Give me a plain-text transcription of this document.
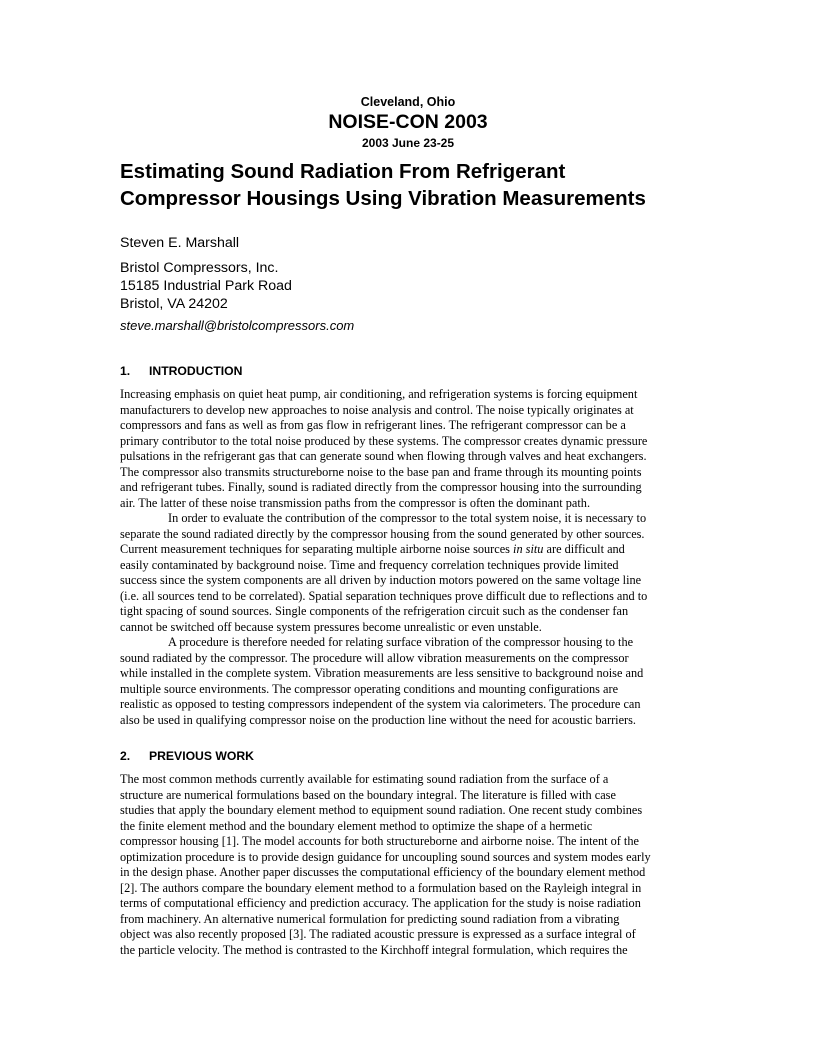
Cleveland, Ohio
NOISE-CON 2003
2003 June 23-25
Estimating Sound Radiation From Refrigerant
Compressor Housings Using Vibration Measurements
Steven E. Marshall
Bristol Compressors, Inc.
15185 Industrial Park Road
Bristol, VA 24202
steve.marshall@bristolcompressors.com
1. INTRODUCTION
Increasing emphasis on quiet heat pump, air conditioning, and refrigeration systems is forcing equipment
manufacturers to develop new approaches to noise analysis and control. The noise typically originates at
compressors and fans as well as from gas flow in refrigerant lines. The refrigerant compressor can be a
primary contributor to the total noise produced by these systems. The compressor creates dynamic pressure
pulsations in the refrigerant gas that can generate sound when flowing through valves and heat exchangers.
The compressor also transmits structureborne noise to the base pan and frame through its mounting points
and refrigerant tubes. Finally, sound is radiated directly from the compressor housing into the surrounding
air. The latter of these noise transmission paths from the compressor is often the dominant path.
In order to evaluate the contribution of the compressor to the total system noise, it is necessary to
separate the sound radiated directly by the compressor housing from the sound generated by other sources.
Current measurement techniques for separating multiple airborne noise sources in situ are difficult and
easily contaminated by background noise. Time and frequency correlation techniques provide limited
success since the system components are all driven by induction motors powered on the same voltage line
(i.e. all sources tend to be correlated). Spatial separation techniques prove difficult due to reflections and to
tight spacing of sound sources. Single components of the refrigeration circuit such as the condenser fan
cannot be switched off because system pressures become unrealistic or even unstable.
A procedure is therefore needed for relating surface vibration of the compressor housing to the
sound radiated by the compressor. The procedure will allow vibration measurements on the compressor
while installed in the complete system. Vibration measurements are less sensitive to background noise and
multiple source environments. The compressor operating conditions and mounting configurations are
realistic as opposed to testing compressors independent of the system via calorimeters. The procedure can
also be used in qualifying compressor noise on the production line without the need for acoustic barriers.
2. PREVIOUS WORK
The most common methods currently available for estimating sound radiation from the surface of a
structure are numerical formulations based on the boundary integral. The literature is filled with case
studies that apply the boundary element method to equipment sound radiation. One recent study combines
the finite element method and the boundary element method to optimize the shape of a hermetic
compressor housing [1]. The model accounts for both structureborne and airborne noise. The intent of the
optimization procedure is to provide design guidance for uncoupling sound sources and system modes early
in the design phase. Another paper discusses the computational efficiency of the boundary element method
[2]. The authors compare the boundary element method to a formulation based on the Rayleigh integral in
terms of computational efficiency and prediction accuracy. The application for the study is noise radiation
from machinery. An alternative numerical formulation for predicting sound radiation from a vibrating
object was also recently proposed [3]. The radiated acoustic pressure is expressed as a surface integral of
the particle velocity. The method is contrasted to the Kirchhoff integral formulation, which requires the
